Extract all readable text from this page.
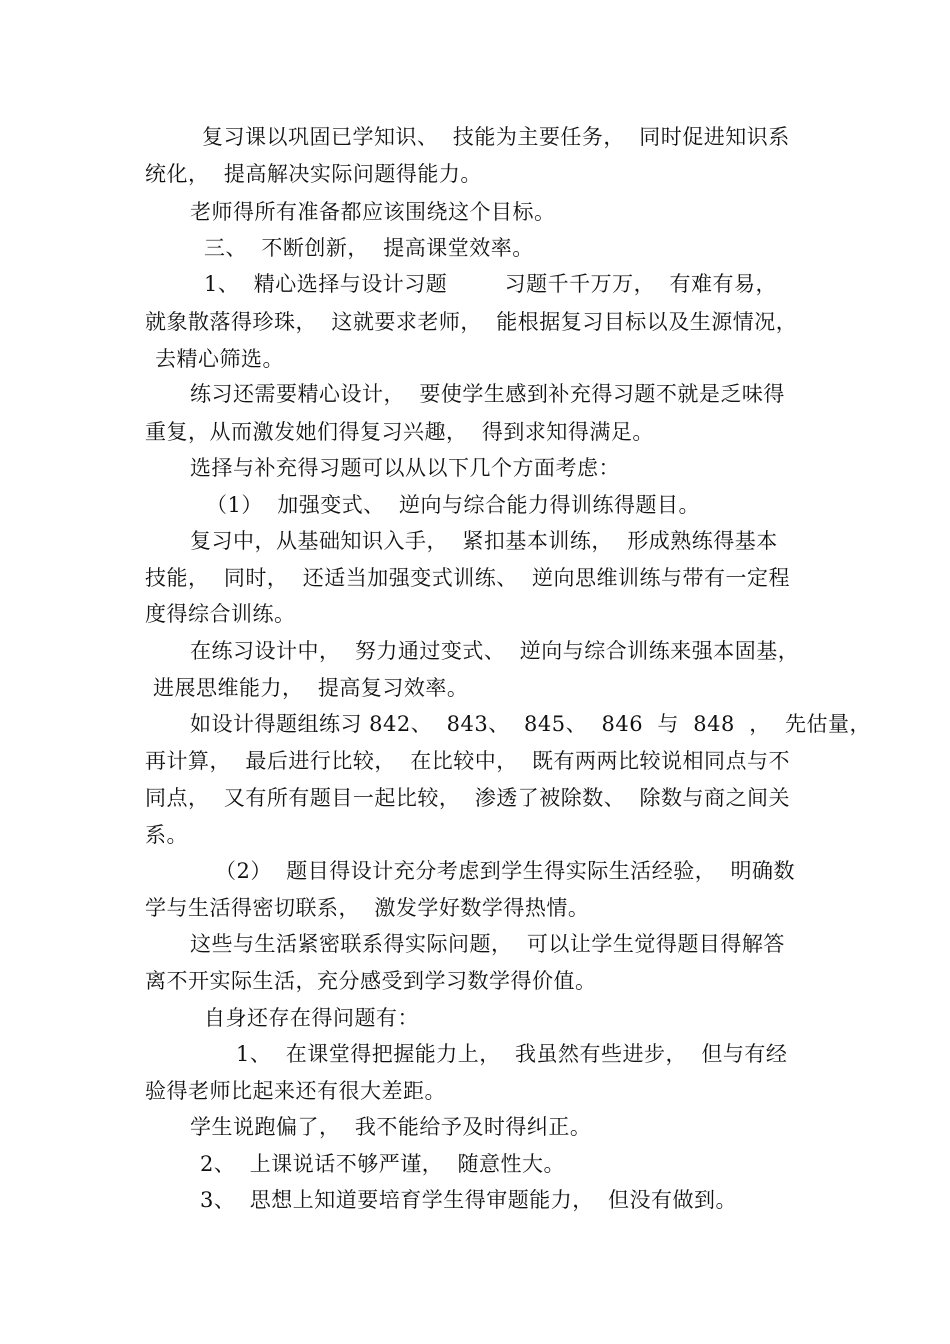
复习课以巩固已学知识、  技能为主要任务，  同时促进知识系
统化，  提高解决实际问题得能力。
老师得所有准备都应该围绕这个目标。
三、  不断创新，  提高课堂效率。
1、  精心选择与设计习题        习题千千万万，  有难有易，
就象散落得珍珠，  这就要求老师，  能根据复习目标以及生源情况，
去精心筛选。
练习还需要精心设计，  要使学生感到补充得习题不就是乏味得
重复，从而激发她们得复习兴趣，  得到求知得满足。
选择与补充得习题可以从以下几个方面考虑：
（1）  加强变式、  逆向与综合能力得训练得题目。
复习中，从基础知识入手，  紧扣基本训练，  形成熟练得基本
技能，  同时，  还适当加强变式训练、  逆向思维训练与带有一定程
度得综合训练。
在练习设计中，  努力通过变式、  逆向与综合训练来强本固基，
进展思维能力，  提高复习效率。
如设计得题组练习 842、  843、  845、  846  与  848  ，  先估量，
再计算，  最后进行比较，  在比较中，  既有两两比较说相同点与不
同点，  又有所有题目一起比较，  渗透了被除数、  除数与商之间关
系。
（2）  题目得设计充分考虑到学生得实际生活经验，  明确数
学与生活得密切联系，  激发学好数学得热情。
这些与生活紧密联系得实际问题，  可以让学生觉得题目得解答
离不开实际生活，充分感受到学习数学得价值。
自身还存在得问题有：
1、  在课堂得把握能力上，  我虽然有些进步，  但与有经
验得老师比起来还有很大差距。
学生说跑偏了，  我不能给予及时得纠正。
2、  上课说话不够严谨，  随意性大。
3、  思想上知道要培育学生得审题能力，  但没有做到。
